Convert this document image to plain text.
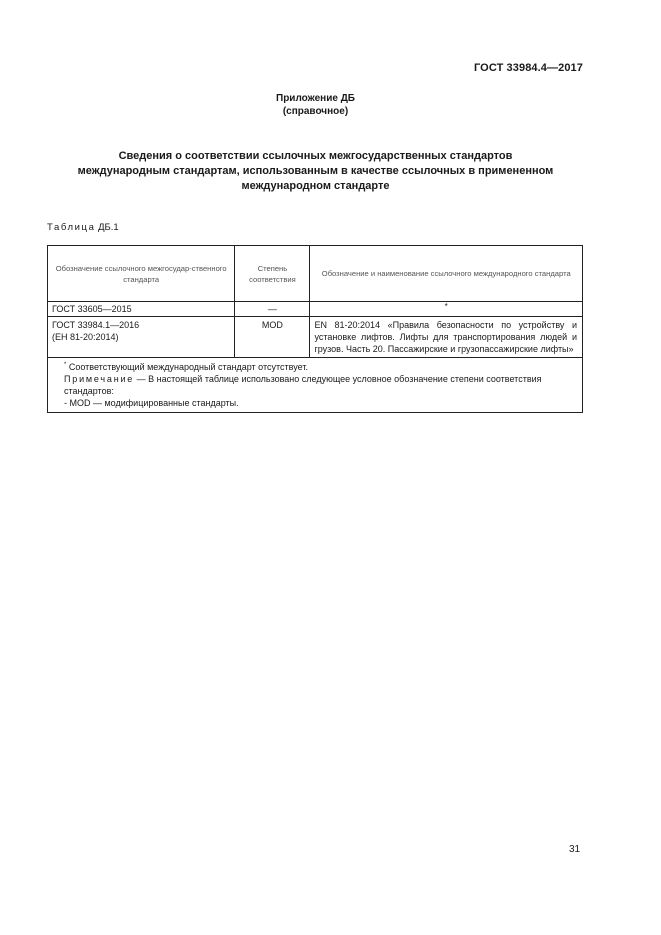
ГОСТ 33984.4—2017
Приложение ДБ
(справочное)
Сведения о соответствии ссылочных межгосударственных стандартов
международным стандартам, использованным в качестве ссылочных в примененном
международном стандарте
Таблица ДБ.1
Обозначение ссылочного межгосудар-ственного стандарта	Степень соответствия	Обозначение и наименование ссылочного международного стандарта
ГОСТ 33605—2015	—	*

ГОСТ 33984.1—2016
(ЕН 81-20:2014)	MOD	EN 81-20:2014 «Правила безопасности по устройству и установке лифтов. Лифты для транспортирования людей и грузов. Часть 20. Пассажирские и грузопассажирские лифты»

* Соответствующий международный стандарт отсутствует.
Примечание — В настоящей таблице использовано следующее условное обозначение степени соответствия стандартов:
- MOD — модифицированные стандарты.		
31
